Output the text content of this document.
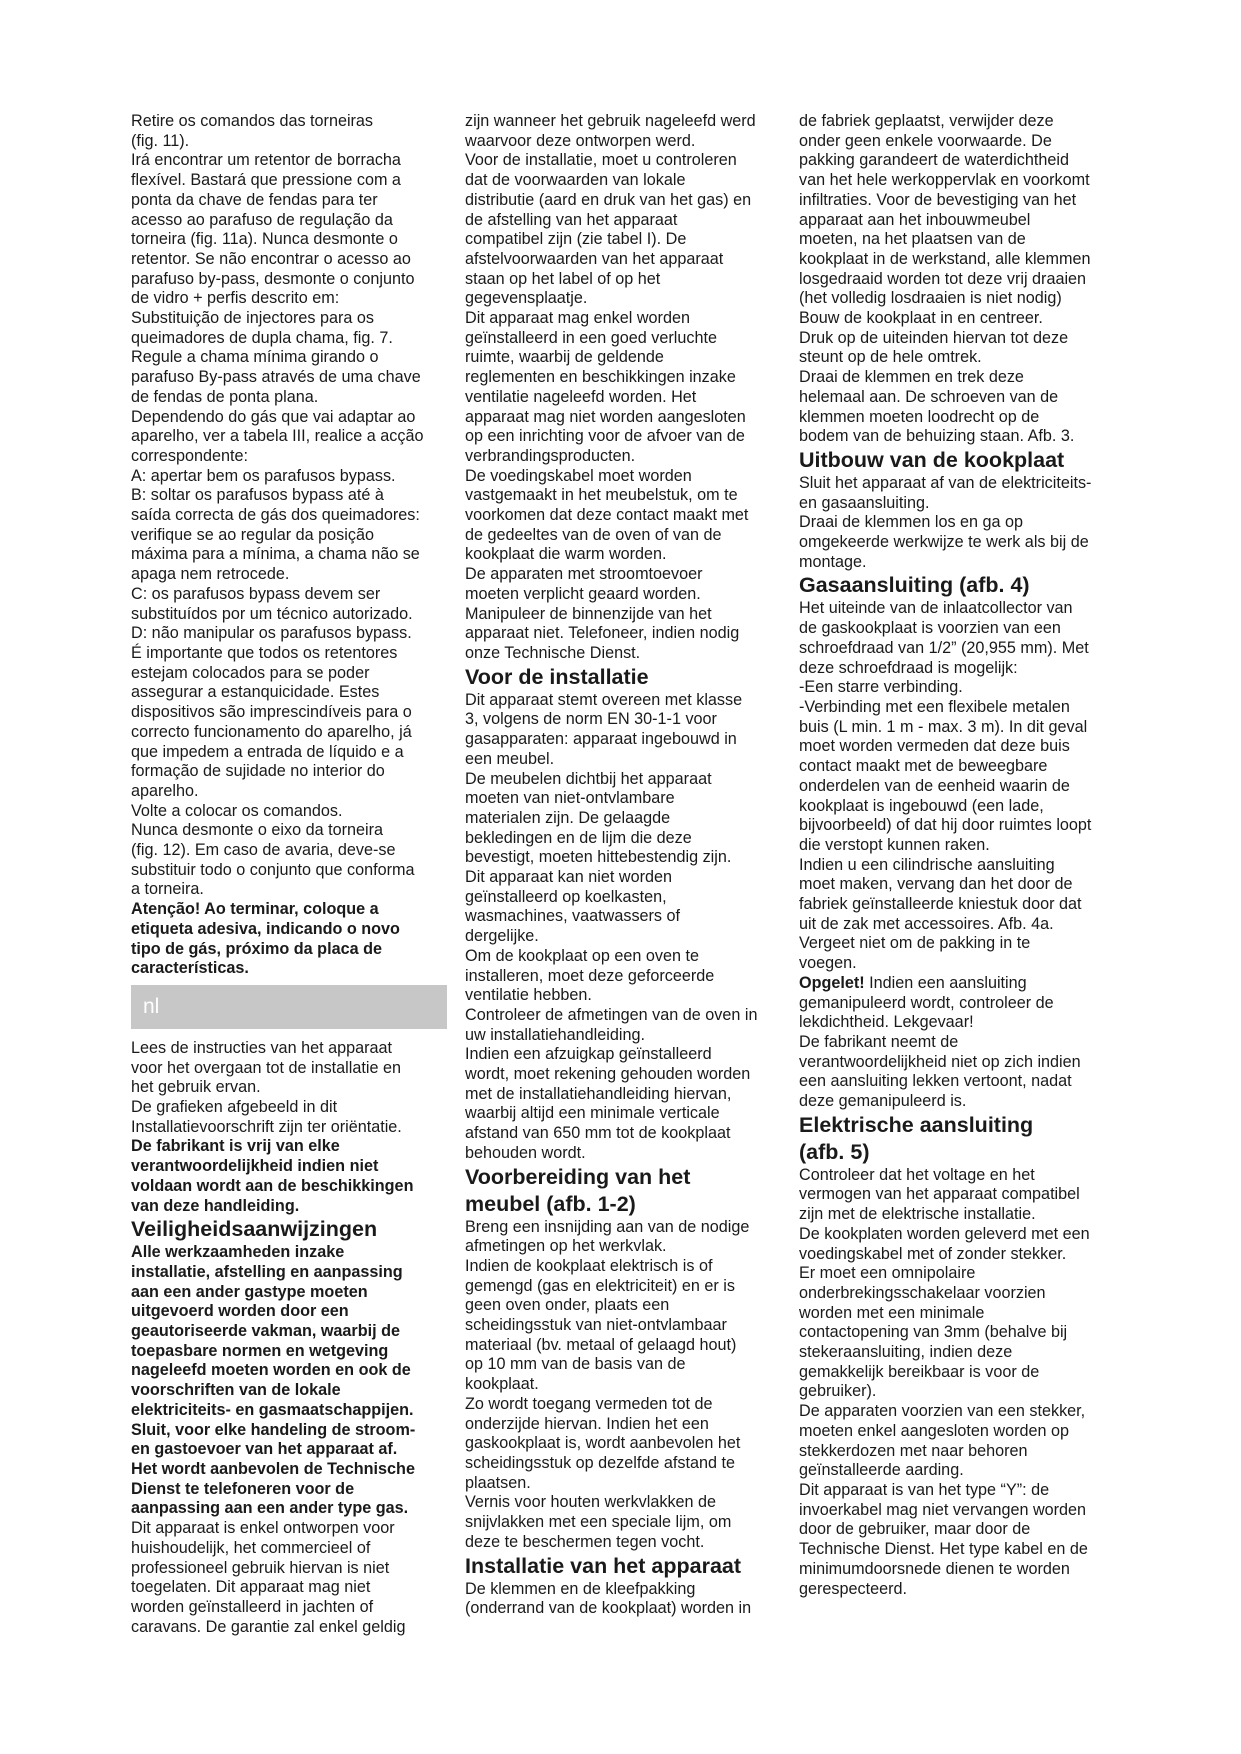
Retire os comandos das torneiras
(fig. 11).
Irá encontrar um retentor de borracha
flexível. Bastará que pressione com a
ponta da chave de fendas para ter
acesso ao parafuso de regulação da
torneira (fig. 11a). Nunca desmonte o
retentor. Se não encontrar o acesso ao
parafuso by-pass, desmonte o conjunto
de vidro + perfis descrito em:
Substituição de injectores para os
queimadores de dupla chama, fig. 7.
Regule a chama mínima girando o
parafuso By-pass através de uma chave
de fendas de ponta plana.
Dependendo do gás que vai adaptar ao
aparelho, ver a tabela III, realice a acção
correspondente:
A: apertar bem os parafusos bypass.
B: soltar os parafusos bypass até à
saída correcta de gás dos queimadores:
verifique se ao regular da posição
máxima para a mínima, a chama não se
apaga nem retrocede.
C: os parafusos bypass devem ser
substituídos por um técnico autorizado.
D: não manipular os parafusos bypass.
É importante que todos os retentores
estejam colocados para se poder
assegurar a estanquicidade. Estes
dispositivos são imprescindíveis para o
correcto funcionamento do aparelho, já
que impedem a entrada de líquido e a
formação de sujidade no interior do
aparelho.
Volte a colocar os comandos.
Nunca desmonte o eixo da torneira
(fig. 12). Em caso de avaria, deve-se
substituir todo o conjunto que conforma
a torneira.
Atenção! Ao terminar, coloque a
etiqueta adesiva, indicando o novo
tipo de gás, próximo da placa de
características.
nl
Lees de instructies van het apparaat
voor het overgaan tot de installatie en
het gebruik ervan.
De grafieken afgebeeld in dit
Installatievoorschrift zijn ter oriëntatie.
De fabrikant is vrij van elke
verantwoordelijkheid indien niet
voldaan wordt aan de beschikkingen
van deze handleiding.
Veiligheidsaanwijzingen
Alle werkzaamheden inzake
installatie, afstelling en aanpassing
aan een ander gastype moeten
uitgevoerd worden door een
geautoriseerde vakman, waarbij de
toepasbare normen en wetgeving
nageleefd moeten worden en ook de
voorschriften van de lokale
elektriciteits- en gasmaatschappijen.
Sluit, voor elke handeling de stroom-
en gastoevoer van het apparaat af.
Het wordt aanbevolen de Technische
Dienst te telefoneren voor de
aanpassing aan een ander type gas.
Dit apparaat is enkel ontworpen voor
huishoudelijk, het commercieel of
professioneel gebruik hiervan is niet
toegelaten. Dit apparaat mag niet
worden geïnstalleerd in jachten of
caravans. De garantie zal enkel geldig
zijn wanneer het gebruik nageleefd werd
waarvoor deze ontworpen werd.
Voor de installatie, moet u controleren
dat de voorwaarden van lokale
distributie (aard en druk van het gas) en
de afstelling van het apparaat
compatibel zijn (zie tabel I). De
afstelvoorwaarden van het apparaat
staan op het label of op het
gegevensplaatje.
Dit apparaat mag enkel worden
geïnstalleerd in een goed verluchte
ruimte, waarbij de geldende
reglementen en beschikkingen inzake
ventilatie nageleefd worden. Het
apparaat mag niet worden aangesloten
op een inrichting voor de afvoer van de
verbrandingsproducten.
De voedingskabel moet worden
vastgemaakt in het meubelstuk, om te
voorkomen dat deze contact maakt met
de gedeeltes van de oven of van de
kookplaat die warm worden.
De apparaten met stroomtoevoer
moeten verplicht geaard worden.
Manipuleer de binnenzijde van het
apparaat niet. Telefoneer, indien nodig
onze Technische Dienst.
Voor de installatie
Dit apparaat stemt overeen met klasse
3, volgens de norm EN 30-1-1 voor
gasapparaten: apparaat ingebouwd in
een meubel.
De meubelen dichtbij het apparaat
moeten van niet-ontvlambare
materialen zijn. De gelaagde
bekledingen en de lijm die deze
bevestigt, moeten hittebestendig zijn.
Dit apparaat kan niet worden
geïnstalleerd op koelkasten,
wasmachines, vaatwassers of
dergelijke.
Om de kookplaat op een oven te
installeren, moet deze geforceerde
ventilatie hebben.
Controleer de afmetingen van de oven in
uw installatiehandleiding.
Indien een afzuigkap geïnstalleerd
wordt, moet rekening gehouden worden
met de installatiehandleiding hiervan,
waarbij altijd een minimale verticale
afstand van 650 mm tot de kookplaat
behouden wordt.
Voorbereiding van het
meubel (afb. 1-2)
Breng een insnijding aan van de nodige
afmetingen op het werkvlak.
Indien de kookplaat elektrisch is of
gemengd (gas en elektriciteit) en er is
geen oven onder, plaats een
scheidingsstuk van niet-ontvlambaar
materiaal (bv. metaal of gelaagd hout)
op 10 mm van de basis van de
kookplaat.
Zo wordt toegang vermeden tot de
onderzijde hiervan. Indien het een
gaskookplaat is, wordt aanbevolen het
scheidingsstuk op dezelfde afstand te
plaatsen.
Vernis voor houten werkvlakken de
snijvlakken met een speciale lijm, om
deze te beschermen tegen vocht.
Installatie van het apparaat
De klemmen en de kleefpakking
(onderrand van de kookplaat) worden in
de fabriek geplaatst, verwijder deze
onder geen enkele voorwaarde. De
pakking garandeert de waterdichtheid
van het hele werkoppervlak en voorkomt
infiltraties. Voor de bevestiging van het
apparaat aan het inbouwmeubel
moeten, na het plaatsen van de
kookplaat in de werkstand, alle klemmen
losgedraaid worden tot deze vrij draaien
(het volledig losdraaien is niet nodig)
Bouw de kookplaat in en centreer.
Druk op de uiteinden hiervan tot deze
steunt op de hele omtrek.
Draai de klemmen en trek deze
helemaal aan. De schroeven van de
klemmen moeten loodrecht op de
bodem van de behuizing staan. Afb. 3.
Uitbouw van de kookplaat
Sluit het apparaat af van de elektriciteits-
en gasaansluiting.
Draai de klemmen los en ga op
omgekeerde werkwijze te werk als bij de
montage.
Gasaansluiting (afb. 4)
Het uiteinde van de inlaatcollector van
de gaskookplaat is voorzien van een
schroefdraad van 1/2” (20,955 mm). Met
deze schroefdraad is mogelijk:
-Een starre verbinding.
-Verbinding met een flexibele metalen
buis (L min. 1 m - max. 3 m). In dit geval
moet worden vermeden dat deze buis
contact maakt met de beweegbare
onderdelen van de eenheid waarin de
kookplaat is ingebouwd (een lade,
bijvoorbeeld) of dat hij door ruimtes loopt
die verstopt kunnen raken.
Indien u een cilindrische aansluiting
moet maken, vervang dan het door de
fabriek geïnstalleerde kniestuk door dat
uit de zak met accessoires. Afb. 4a.
Vergeet niet om de pakking in te
voegen.
Opgelet! Indien een aansluiting
gemanipuleerd wordt, controleer de
lekdichtheid. Lekgevaar!
De fabrikant neemt de
verantwoordelijkheid niet op zich indien
een aansluiting lekken vertoont, nadat
deze gemanipuleerd is.
Elektrische aansluiting
(afb. 5)
Controleer dat het voltage en het
vermogen van het apparaat compatibel
zijn met de elektrische installatie.
De kookplaten worden geleverd met een
voedingskabel met of zonder stekker.
Er moet een omnipolaire
onderbrekingsschakelaar voorzien
worden met een minimale
contactopening van 3mm (behalve bij
stekeraansluiting, indien deze
gemakkelijk bereikbaar is voor de
gebruiker).
De apparaten voorzien van een stekker,
moeten enkel aangesloten worden op
stekkerdozen met naar behoren
geïnstalleerde aarding.
Dit apparaat is van het type “Y”: de
invoerkabel mag niet vervangen worden
door de gebruiker, maar door de
Technische Dienst. Het type kabel en de
minimumdoorsnede dienen te worden
gerespecteerd.
